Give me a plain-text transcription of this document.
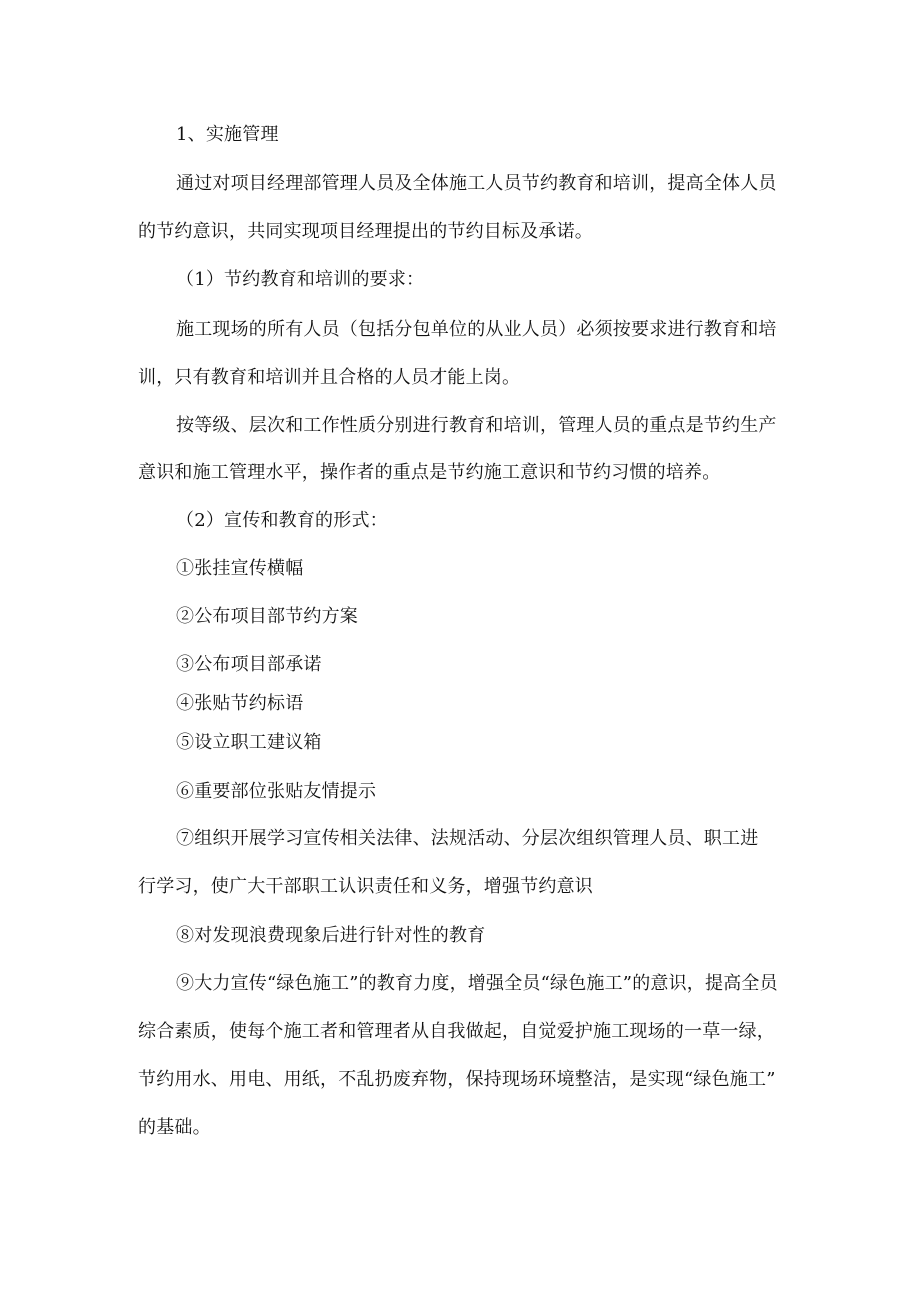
1、实施管理
通过对项目经理部管理人员及全体施工人员节约教育和培训，提高全体人员
的节约意识，共同实现项目经理提出的节约目标及承诺。
（1）节约教育和培训的要求：
施工现场的所有人员（包括分包单位的从业人员）必须按要求进行教育和培
训，只有教育和培训并且合格的人员才能上岗。
按等级、层次和工作性质分别进行教育和培训，管理人员的重点是节约生产
意识和施工管理水平，操作者的重点是节约施工意识和节约习惯的培养。
（2）宣传和教育的形式：
①张挂宣传横幅
②公布项目部节约方案
③公布项目部承诺
④张贴节约标语
⑤设立职工建议箱
⑥重要部位张贴友情提示
⑦组织开展学习宣传相关法律、法规活动、分层次组织管理人员、职工进
行学习，使广大干部职工认识责任和义务，增强节约意识
⑧对发现浪费现象后进行针对性的教育
⑨大力宣传“绿色施工”的教育力度，增强全员“绿色施工”的意识，提高全员
综合素质，使每个施工者和管理者从自我做起，自觉爱护施工现场的一草一绿，
节约用水、用电、用纸，不乱扔废弃物，保持现场环境整洁，是实现“绿色施工”
的基础。
